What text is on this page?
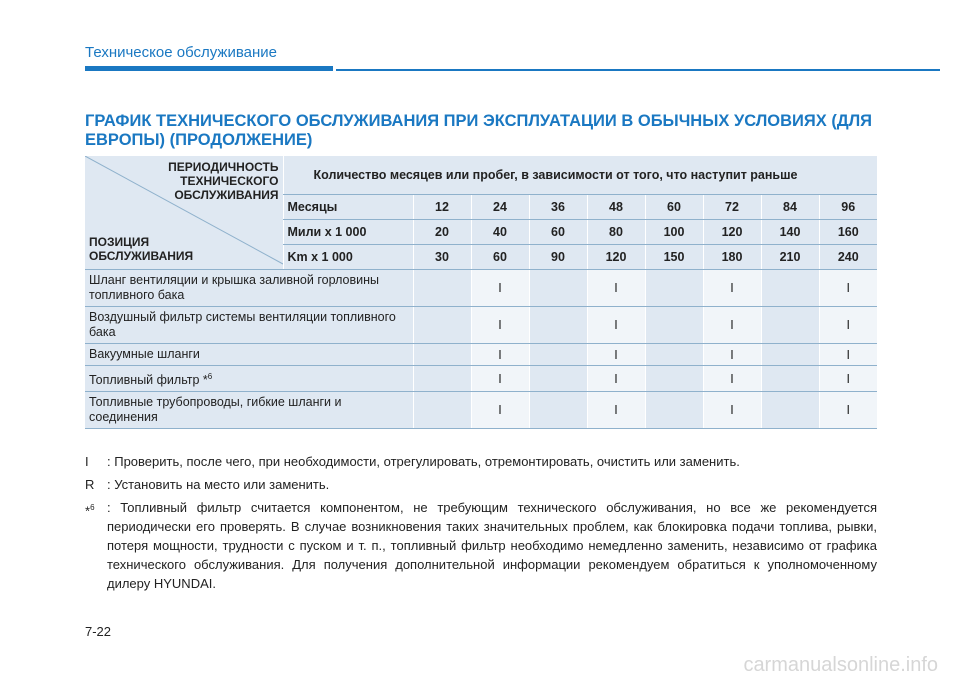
Техническое обслуживание
ГРАФИК ТЕХНИЧЕСКОГО ОБСЛУЖИВАНИЯ ПРИ ЭКСПЛУАТАЦИИ В ОБЫЧНЫХ УСЛОВИЯХ (ДЛЯ ЕВРОПЫ) (ПРОДОЛЖЕНИЕ)
ПЕРИОДИЧНОСТЬ ТЕХНИЧЕСКОГО ОБСЛУЖИВАНИЯ
ПОЗИЦИЯ ОБСЛУЖИВАНИЯ	Количество месяцев или пробег, в зависимости от того, что наступит раньше								
	Месяцы	12	24	36	48	60	72	84	96
	Мили x 1 000	20	40	60	80	100	120	140	160
	Km x 1 000	30	60	90	120	150	180	210	240
Шланг вентиляции и крышка заливной горловины топливного бака			I		I		I		I
Воздушный фильтр системы вентиляции топливного бака			I		I		I		I
Вакуумные шланги			I		I		I		I
Топливный фильтр *$^6$			I		I		I		I
Топливные трубопроводы, гибкие шланги и соединения			I		I		I		I
I	: Проверить, после чего, при необходимости, отрегулировать, отремонтировать, очистить или заменить.
R : Установить на место или заменить.
*$^6$ : Топливный фильтр считается компонентом, не требующим технического обслуживания, но все же рекомендуется периодически его проверять. В случае возникновения таких значительных проблем, как блокировка подачи топлива, рывки, потеря мощности, трудности с пуском и т. п., топливный фильтр необходимо немедленно заменить, независимо от графика технического обслуживания. Для получения дополнительной информации рекомендуем обратиться к уполномоченному дилеру HYUNDAI.
7-22
carmanualsonline.info
